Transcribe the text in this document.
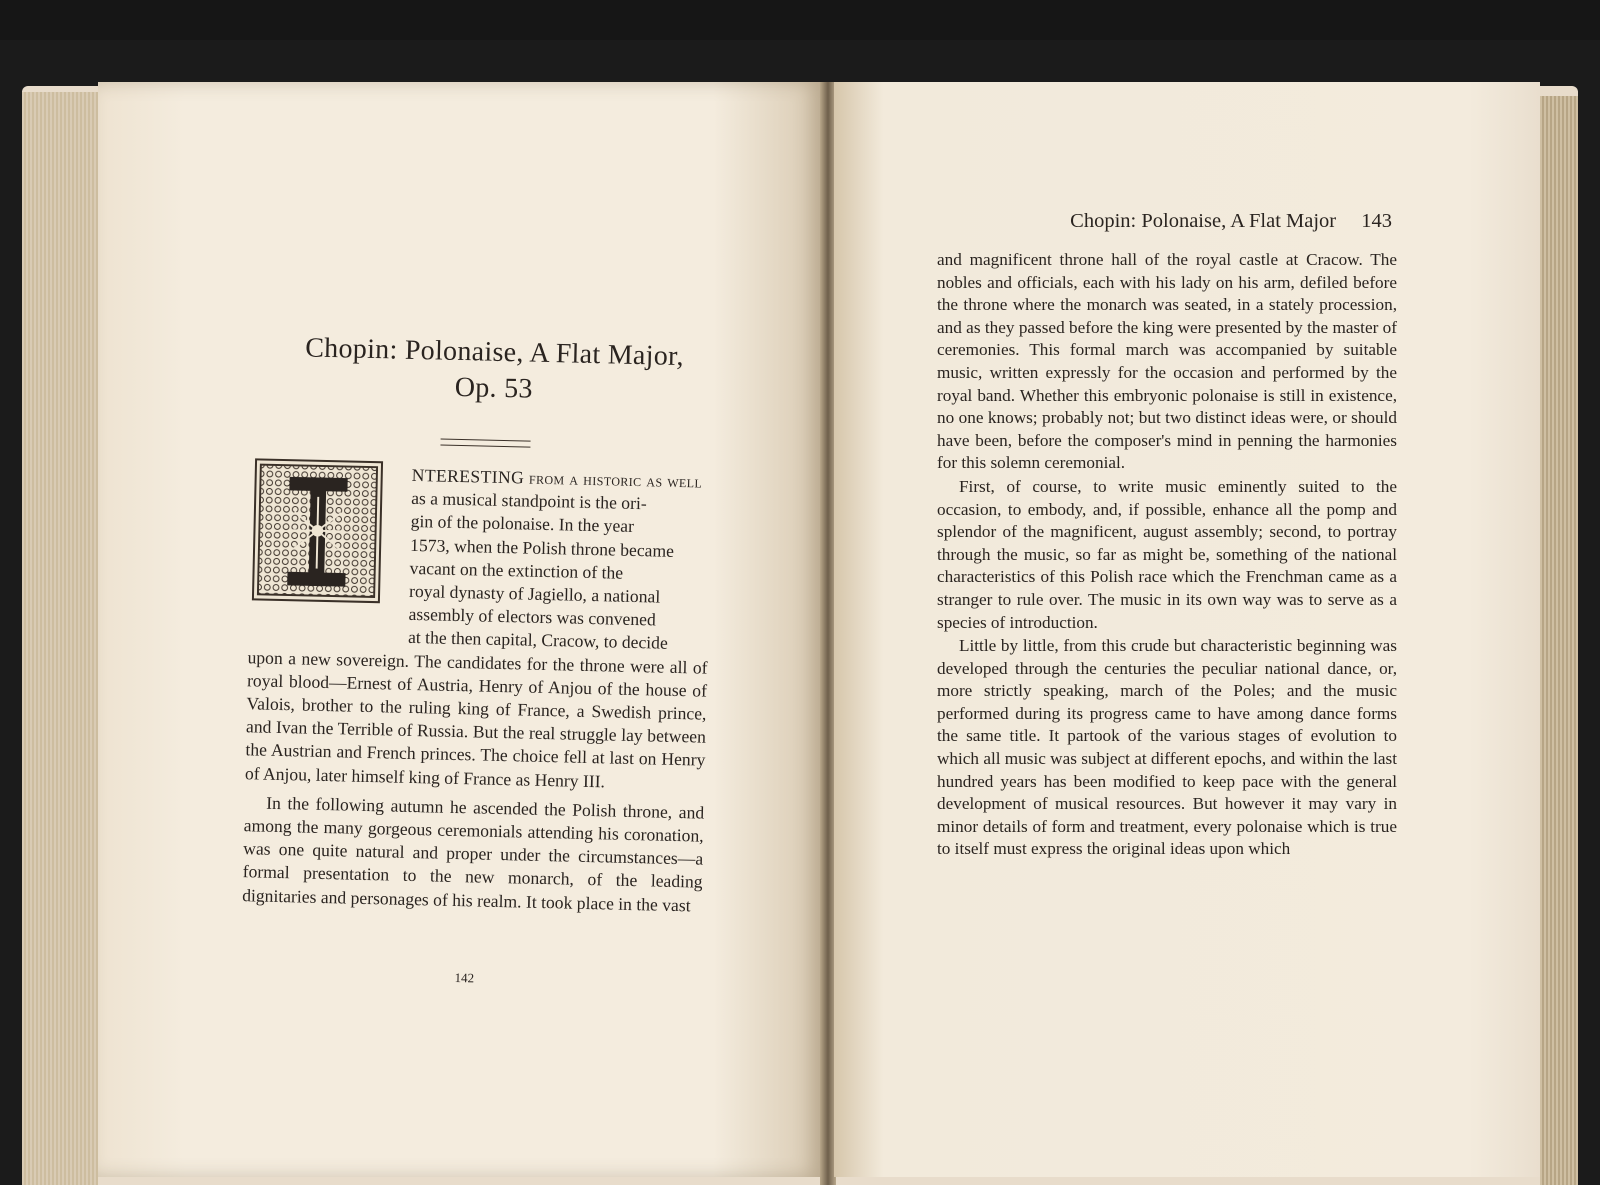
Chopin: Polonaise, A Flat Major,
Op. 53

NTERESTING from a historic as well
as a musical standpoint is the ori-
gin of the polonaise. In the year
1573, when the Polish throne became
vacant on the extinction of the
royal dynasty of Jagiello, a national
assembly of electors was convened
at the then capital, Cracow, to decide
upon a new sovereign. The candidates for the throne were all of royal blood—Ernest of Austria, Henry of Anjou of the house of Valois, brother to the ruling king of France, a Swedish prince, and Ivan the Terrible of Russia. But the real struggle lay between the Austrian and French princes. The choice fell at last on Henry of Anjou, later himself king of France as Henry III.

In the following autumn he ascended the Polish throne, and among the many gorgeous ceremonials attending his coronation, was one quite natural and proper under the circumstances—a formal presentation to the new monarch, of the leading dignitaries and personages of his realm. It took place in the vast

142

Chopin: Polonaise, A Flat Major 143

and magnificent throne hall of the royal castle at Cracow. The nobles and officials, each with his lady on his arm, defiled before the throne where the monarch was seated, in a stately procession, and as they passed before the king were presented by the master of ceremonies. This formal march was accompanied by suitable music, written expressly for the occasion and performed by the royal band. Whether this embryonic polonaise is still in existence, no one knows; probably not; but two distinct ideas were, or should have been, before the composer's mind in penning the harmonies for this solemn ceremonial.

First, of course, to write music eminently suited to the occasion, to embody, and, if possible, enhance all the pomp and splendor of the magnificent, august assembly; second, to portray through the music, so far as might be, something of the national characteristics of this Polish race which the Frenchman came as a stranger to rule over. The music in its own way was to serve as a species of introduction.

Little by little, from this crude but characteristic beginning was developed through the centuries the peculiar national dance, or, more strictly speaking, march of the Poles; and the music performed during its progress came to have among dance forms the same title. It partook of the various stages of evolution to which all music was subject at different epochs, and within the last hundred years has been modified to keep pace with the general development of musical resources. But however it may vary in minor details of form and treatment, every polonaise which is true to itself must express the original ideas upon which
